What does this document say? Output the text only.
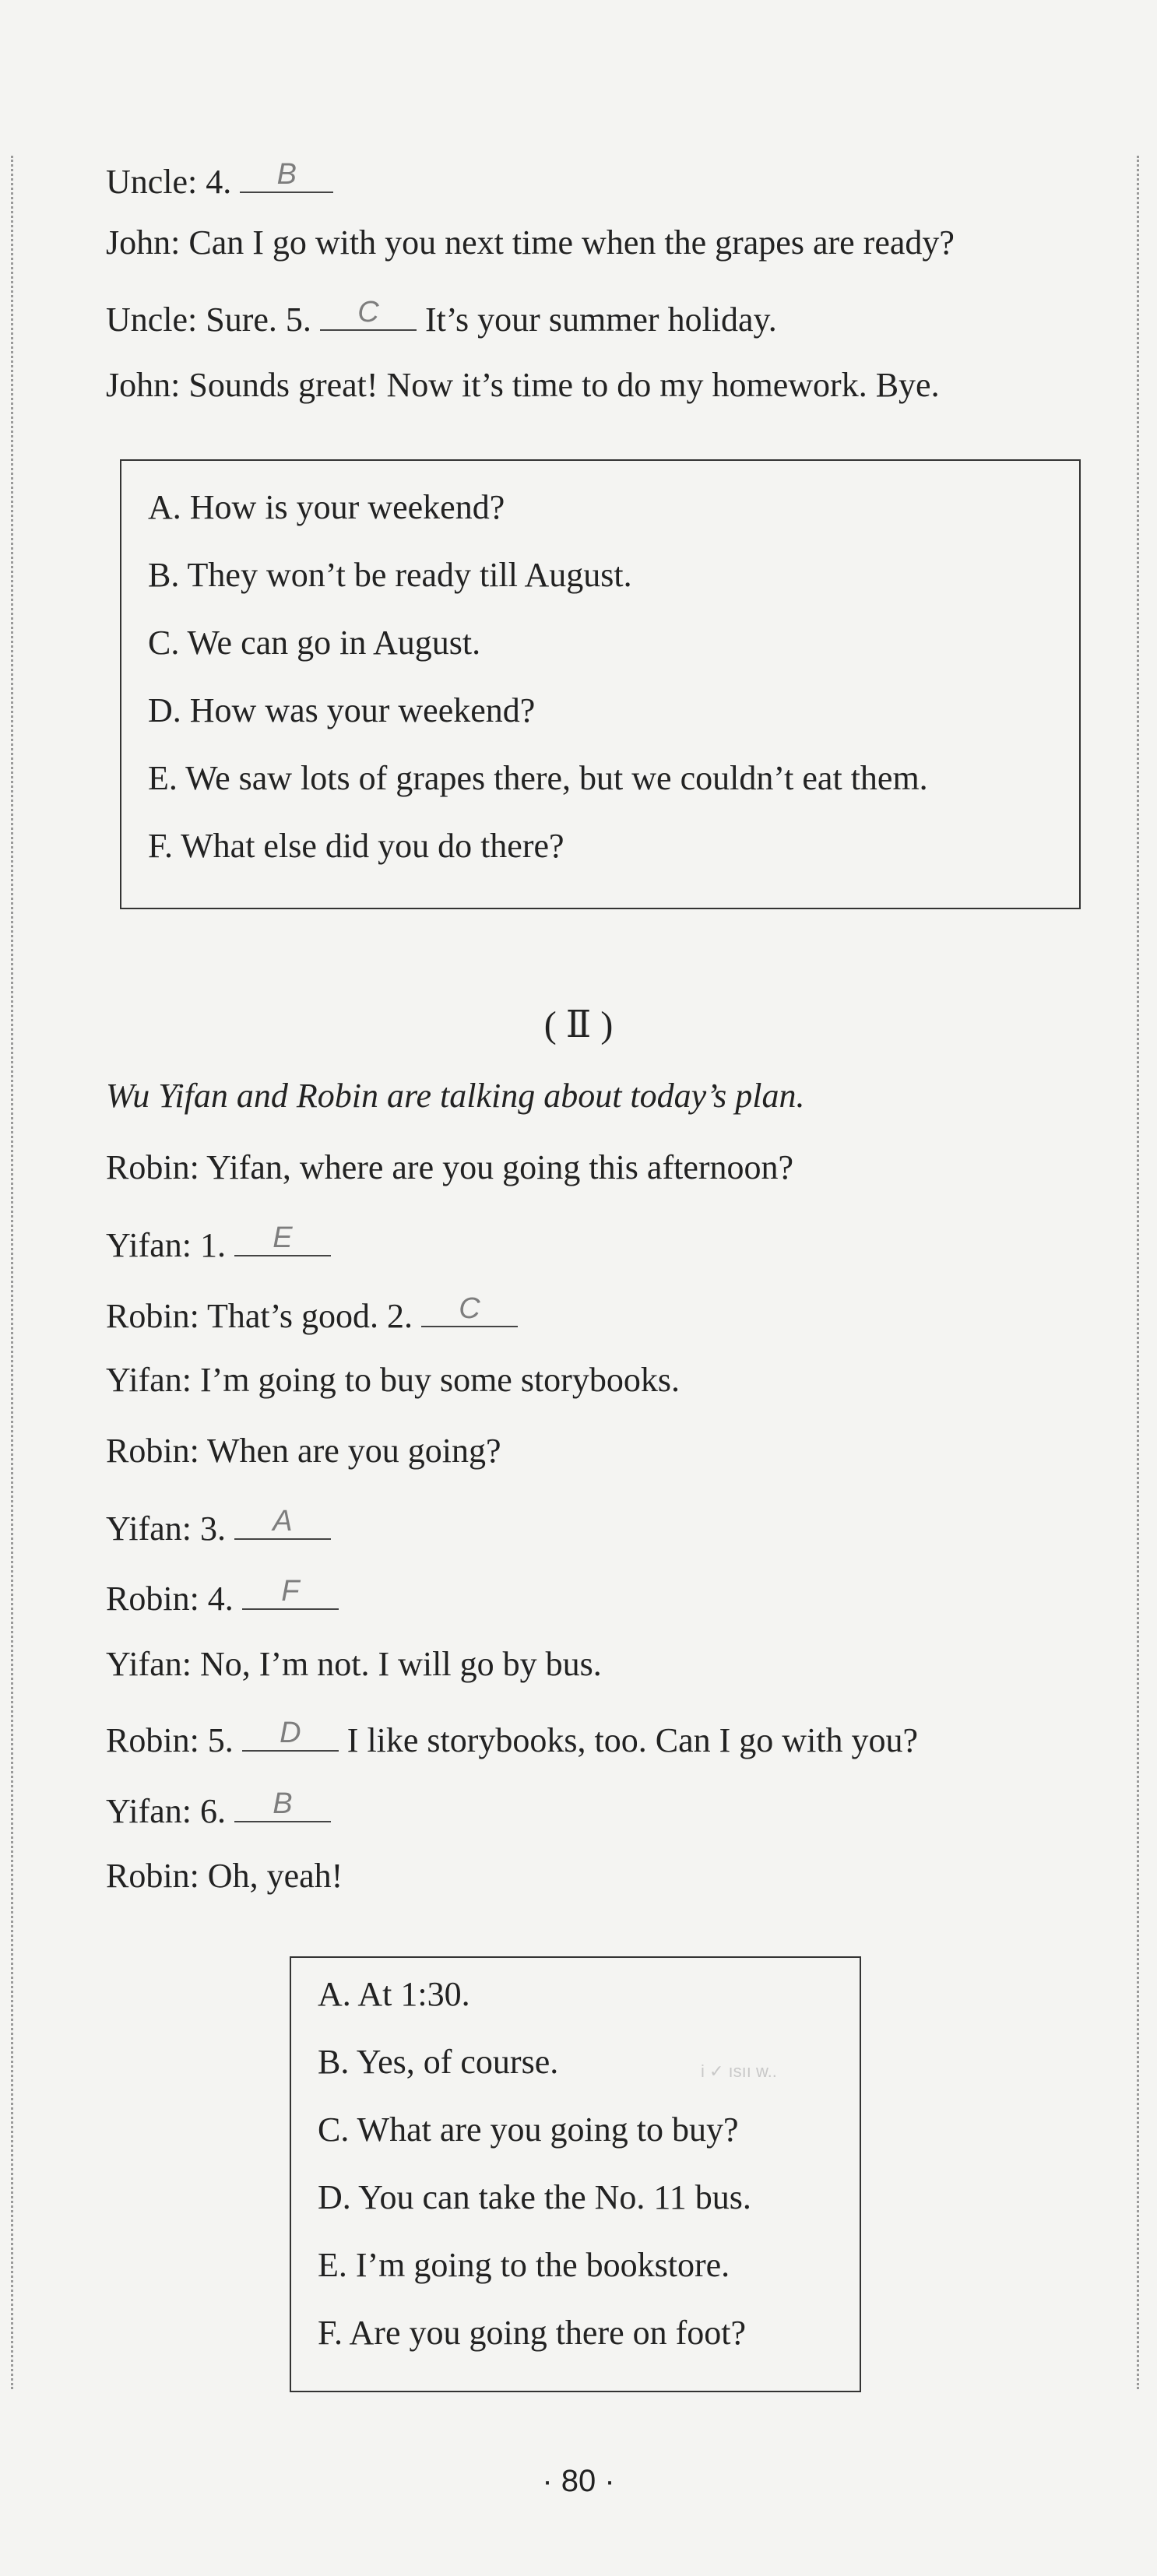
Uncle: 4.	B
John: Can I go with you next time when the grapes are ready?
Uncle: Sure. 5.	C	It’s your summer holiday.
John: Sounds great! Now it’s time to do my homework. Bye.
A. How is your weekend?
B. They won’t be ready till August.
C. We can go in August.
D. How was your weekend?
E. We saw lots of grapes there, but we couldn’t eat them.
F. What else did you do there?
( Ⅱ )
Wu Yifan and Robin are talking about today’s plan.
Robin: Yifan, where are you going this afternoon?
Yifan: 1.	E
Robin: That’s good. 2.	C
Yifan: I’m going to buy some storybooks.
Robin: When are you going?
Yifan: 3.	A
Robin: 4.	F
Yifan: No, I’m not. I will go by bus.
Robin: 5.	D	I like storybooks, too. Can I go with you?
Yifan: 6.	B
Robin: Oh, yeah!
A. At 1:30.
B. Yes, of course.
C. What are you going to buy?
D. You can take the No. 11 bus.
E. I’m going to the bookstore.
F. Are you going there on foot?
i ✓ ısıı w..
· 80 ·
